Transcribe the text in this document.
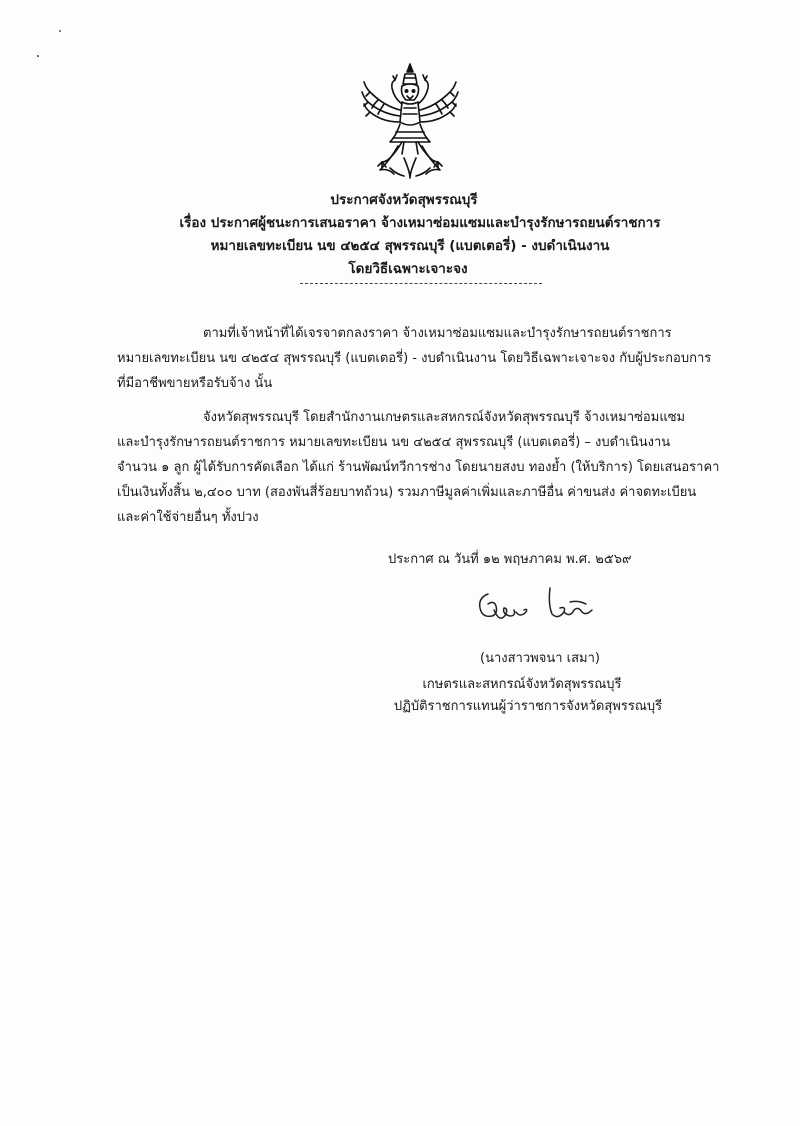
ประกาศจังหวัดสุพรรณบุรี
เรื่อง ประกาศผู้ชนะการเสนอราคา จ้างเหมาซ่อมแซมและบำรุงรักษารถยนต์ราชการ
หมายเลขทะเบียน นข ๔๒๕๔ สุพรรณบุรี (แบตเตอรี่) - งบดำเนินงาน
โดยวิธีเฉพาะเจาะจง
ตามที่เจ้าหน้าที่ได้เจรจาตกลงราคา จ้างเหมาซ่อมแซมและบำรุงรักษารถยนต์ราชการ
หมายเลขทะเบียน นข ๔๒๕๔ สุพรรณบุรี (แบตเตอรี่) - งบดำเนินงาน โดยวิธีเฉพาะเจาะจง กับผู้ประกอบการ
ที่มีอาชีพขายหรือรับจ้าง นั้น
จังหวัดสุพรรณบุรี โดยสำนักงานเกษตรและสหกรณ์จังหวัดสุพรรณบุรี จ้างเหมาซ่อมแซม
และบำรุงรักษารถยนต์ราชการ หมายเลขทะเบียน นข ๔๒๕๔ สุพรรณบุรี (แบตเตอรี่) – งบดำเนินงาน
จำนวน ๑ ลูก ผู้ได้รับการคัดเลือก ได้แก่ ร้านพัฒน์ทวีการช่าง โดยนายสงบ ทองย้ำ (ให้บริการ) โดยเสนอราคา
เป็นเงินทั้งสิ้น ๒,๔๐๐ บาท (สองพันสี่ร้อยบาทถ้วน) รวมภาษีมูลค่าเพิ่มและภาษีอื่น ค่าขนส่ง ค่าจดทะเบียน
และค่าใช้จ่ายอื่นๆ ทั้งปวง
ประกาศ ณ วันที่ ๑๒ พฤษภาคม พ.ศ. ๒๕๖๙
(นางสาวพจนา เสมา)
เกษตรและสหกรณ์จังหวัดสุพรรณบุรี
ปฏิบัติราชการแทนผู้ว่าราชการจังหวัดสุพรรณบุรี
